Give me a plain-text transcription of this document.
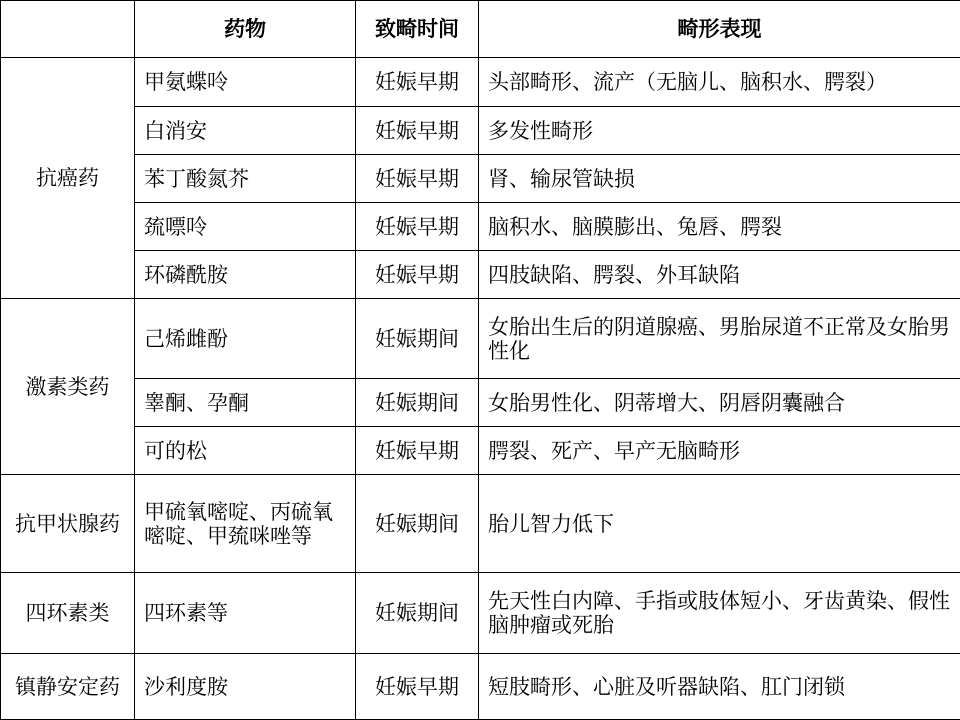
	药物	致畸时间	畸形表现
抗癌药	甲氨蝶呤	妊娠早期	头部畸形、流产（无脑儿、脑积水、腭裂）
	白消安	妊娠早期	多发性畸形
	苯丁酸氮芥	妊娠早期	肾、输尿管缺损
	巯嘌呤	妊娠早期	脑积水、脑膜膨出、兔唇、腭裂
	环磷酰胺	妊娠早期	四肢缺陷、腭裂、外耳缺陷
激素类药	己烯雌酚	妊娠期间	女胎出生后的阴道腺癌、男胎尿道不正常及女胎男性化
	睾酮、孕酮	妊娠期间	女胎男性化、阴蒂增大、阴唇阴囊融合
	可的松	妊娠早期	腭裂、死产、早产无脑畸形
抗甲状腺药	甲硫氧嘧啶、丙硫氧嘧啶、甲巯咪唑等	妊娠期间	胎儿智力低下
四环素类	四环素等	妊娠期间	先天性白内障、手指或肢体短小、牙齿黄染、假性脑肿瘤或死胎
镇静安定药	沙利度胺	妊娠早期	短肢畸形、心脏及听器缺陷、肛门闭锁
